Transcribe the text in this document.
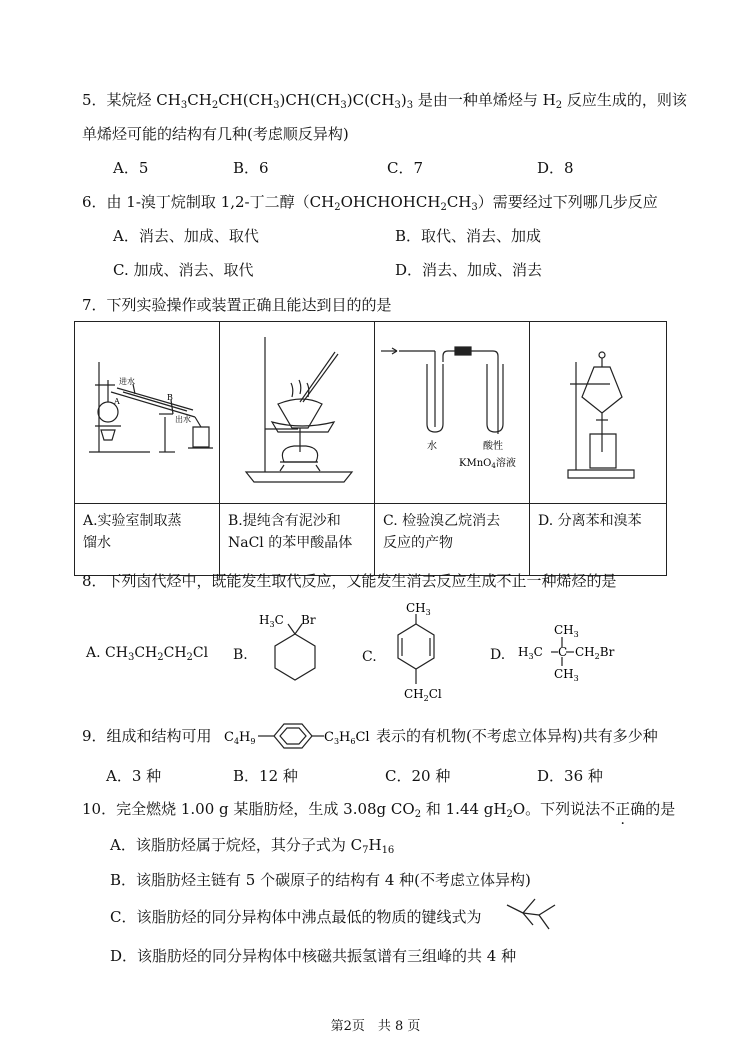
5．某烷烃 $CH_3CH_2CH(CH_3)CH(CH_3)C(CH_3)_3$ 是由一种单烯烃与 $H_2$ 反应生成的，则该
单烯烃可能的结构有几种(考虑顺反异构)
A．5	B．6	C．7	D．8
6．由 1-溴丁烷制取 1,2-丁二醇$(CH_2OHCHOHCH_2CH_3)$需要经过下列哪几步反应
A．消去、加成、取代	B．取代、消去、加成
C. 加成、消去、取代	D．消去、加成、消去
7．下列实验操作或装置正确且能达到目的的是
进水
出水
A B		水 酸性
KMnO$_4$溶液

A.实验室制取蒸
馏水	B.提纯含有泥沙和
NaCl 的苯甲酸晶体	C. 检验溴乙烷消去
反应的产物	D. 分离苯和溴苯
8．下列卤代烃中，既能发生取代反应，又能发生消去反应生成不止一种烯烃的是
A. $CH_3CH_2CH_2Cl$ B.
$H_3C$ Br
C.
$CH_3$
$CH_2Cl$
D.
$CH_3$
$H_3C$ C $CH_2Br$
$CH_3$
9．组成和结构可用 $C_4H_9$	$C_3H_6Cl$ 表示的有机物(不考虑立体异构)共有多少种
A．3 种	B．12 种	C．20 种	D．36 种
10．完全燃烧 1.00 g 某脂肪烃，生成 3.08g $CO_2$ 和 1.44 $gH_2O$。下列说法不正确的是
A．该脂肪烃属于烷烃，其分子式为 $C_7H_{16}$
B．该脂肪烃主链有 5 个碳原子的结构有 4 种(不考虑立体异构)
C．该脂肪烃的同分异构体中沸点最低的物质的键线式为
D．该脂肪烃的同分异构体中核磁共振氢谱有三组峰的共 4 种
第2页　共 8 页
